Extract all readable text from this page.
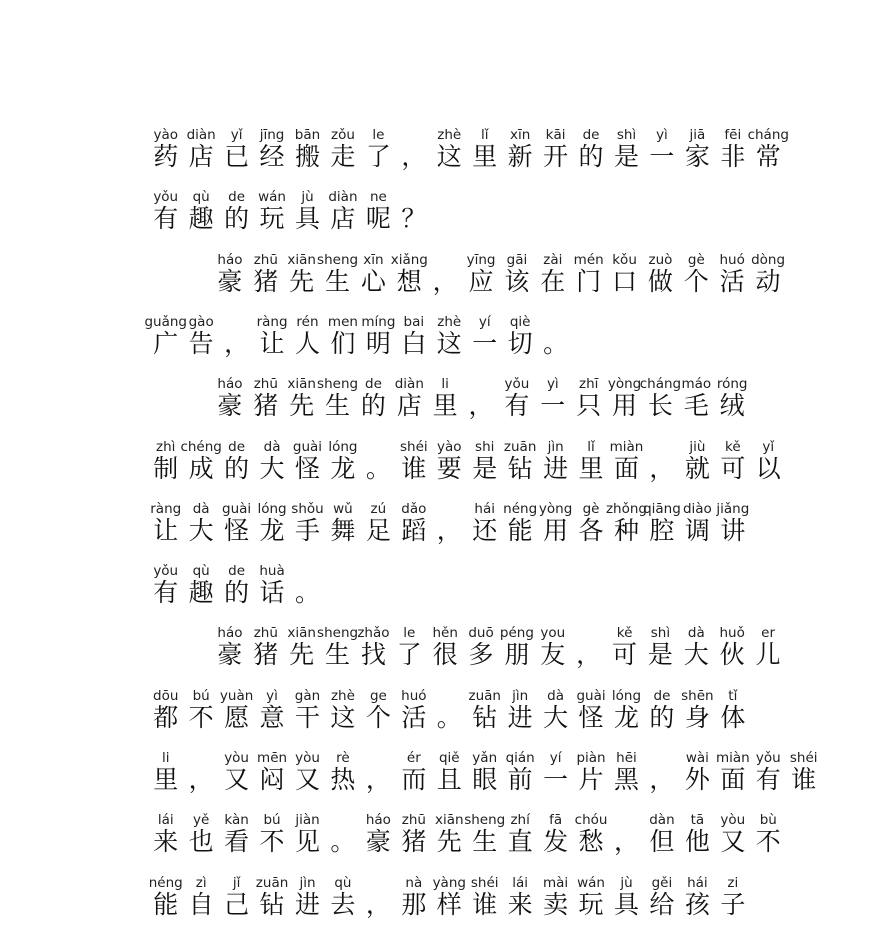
yào
药
diàn
店
yǐ
已
jīng
经
bān
搬
zǒu
走
le
了 ，
zhè
这
lǐ
里
xīn
新
kāi
开
de
的
shì
是
yì
一
jiā
家
fēi
非
cháng
常
yǒu
有
qù
趣
de
的
wán
玩
jù
具
diàn
店
ne
呢 ？
háo
豪
zhū
猪
xiān
先
sheng
生
xīn
心
xiǎng
想 ，
yīng
应
gāi
该
zài
在
mén
门
kǒu
口
zuò
做
gè
个
huó
活
dòng
动
guǎng
广
gào
告 ，
ràng
让
rén
人
men
们
míng
明
bai
白
zhè
这
yí
一
qiè
切 。
háo
豪
zhū
猪
xiān
先
sheng
生
de
的
diàn
店
li
里 ，
yǒu
有
yì
一
zhī
只
yòng
用
cháng
长
máo
毛
róng
绒
zhì
制
chéng
成
de
的
dà
大
guài
怪
lóng
龙 。
shéi
谁
yào
要
shi
是
zuān
钻
jìn
进
lǐ
里
miàn
面 ，
jiù
就
kě
可
yǐ
以
ràng
让
dà
大
guài
怪
lóng
龙
shǒu
手
wǔ
舞
zú
足
dǎo
蹈 ，
hái
还
néng
能
yòng
用
gè
各
zhǒng
种
qiāng
腔
diào
调
jiǎng
讲
yǒu
有
qù
趣
de
的
huà
话 。
háo
豪
zhū
猪
xiān
先
sheng
生
zhǎo
找
le
了
hěn
很
duō
多
péng
朋
you
友 ，
kě
可
shì
是
dà
大
huǒ
伙
er
儿
dōu
都
bú
不
yuàn
愿
yì
意
gàn
干
zhè
这
ge
个
huó
活 。
zuān
钻
jìn
进
dà
大
guài
怪
lóng
龙
de
的
shēn
身
tǐ
体
li
里 ，
yòu
又
mēn
闷
yòu
又
rè
热 ，
ér
而
qiě
且
yǎn
眼
qián
前
yí
一
piàn
片
hēi
黑 ，
wài
外
miàn
面
yǒu
有
shéi
谁
lái
来
yě
也
kàn
看
bú
不
jiàn
见 。
háo
豪
zhū
猪
xiān
先
sheng
生
zhí
直
fā
发
chóu
愁 ，
dàn
但
tā
他
yòu
又
bù
不
néng
能
zì
自
jǐ
己
zuān
钻
jìn
进
qù
去 ，
nà
那
yàng
样
shéi
谁
lái
来
mài
卖
wán
玩
jù
具
gěi
给
hái
孩
zi
子
